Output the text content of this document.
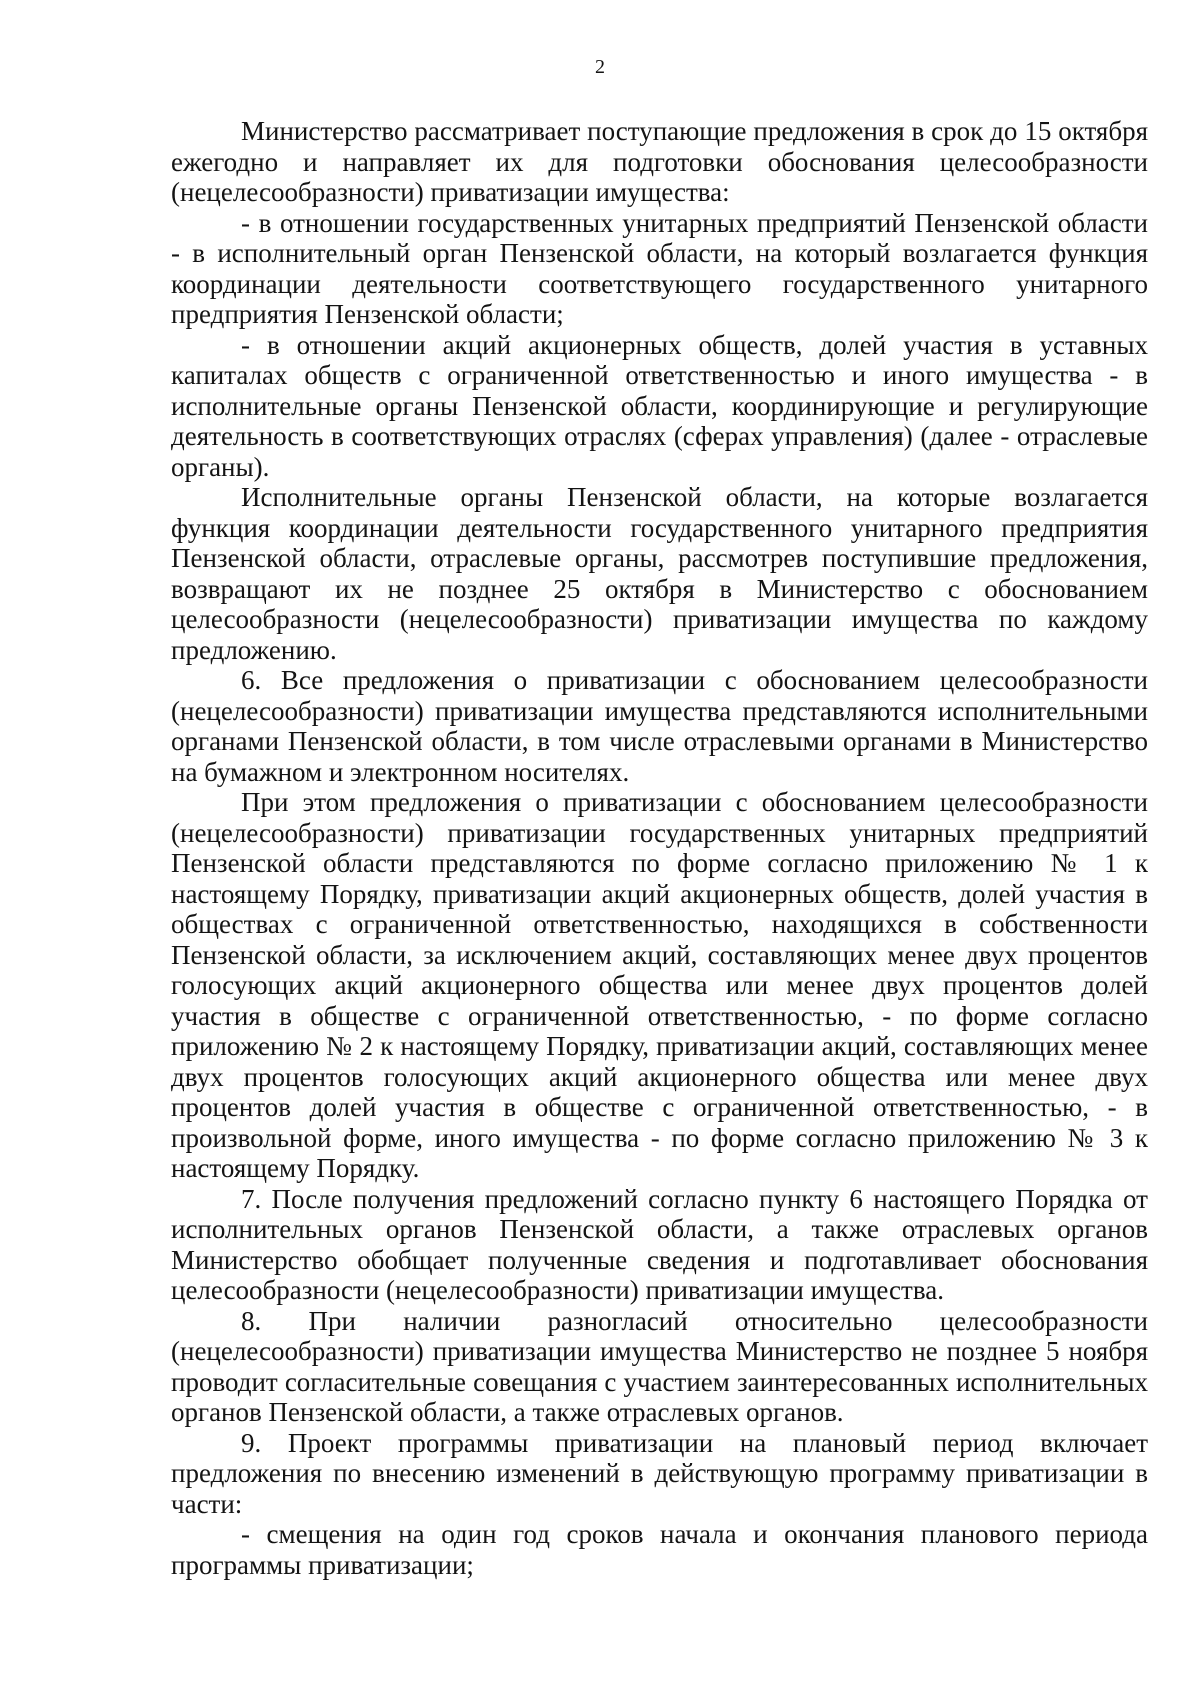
2

Министерство рассматривает поступающие предложения в срок до 15 октября ежегодно и направляет их для подготовки обоснования целесообразности (нецелесообразности) приватизации имущества:

- в отношении государственных унитарных предприятий Пензенской области - в исполнительный орган Пензенской области, на который возлагается функция координации деятельности соответствующего государственного унитарного предприятия Пензенской области;

- в отношении акций акционерных обществ, долей участия в уставных капиталах обществ с ограниченной ответственностью и иного имущества - в исполнительные органы Пензенской области, координирующие и регулирующие деятельность в соответствующих отраслях (сферах управления) (далее - отраслевые органы).

Исполнительные органы Пензенской области, на которые возлагается функция координации деятельности государственного унитарного предприятия Пензенской области, отраслевые органы, рассмотрев поступившие предложения, возвращают их не позднее 25 октября в Министерство с обоснованием целесообразности (нецелесообразности) приватизации имущества по каждому предложению.

6. Все предложения о приватизации с обоснованием целесообразности (нецелесообразности) приватизации имущества представляются исполнительными органами Пензенской области, в том числе отраслевыми органами в Министерство на бумажном и электронном носителях.

При этом предложения о приватизации с обоснованием целесообразности (нецелесообразности) приватизации государственных унитарных предприятий Пензенской области представляются по форме согласно приложению № 1 к настоящему Порядку, приватизации акций акционерных обществ, долей участия в обществах с ограниченной ответственностью, находящихся в собственности Пензенской области, за исключением акций, составляющих менее двух процентов голосующих акций акционерного общества или менее двух процентов долей участия в обществе с ограниченной ответственностью, - по форме согласно приложению № 2 к настоящему Порядку, приватизации акций, составляющих менее двух процентов голосующих акций акционерного общества или менее двух процентов долей участия в обществе с ограниченной ответственностью, - в произвольной форме, иного имущества - по форме согласно приложению № 3 к настоящему Порядку.

7. После получения предложений согласно пункту 6 настоящего Порядка от исполнительных органов Пензенской области, а также отраслевых органов Министерство обобщает полученные сведения и подготавливает обоснования целесообразности (нецелесообразности) приватизации имущества.

8. При наличии разногласий относительно целесообразности (нецелесообразности) приватизации имущества Министерство не позднее 5 ноября проводит согласительные совещания с участием заинтересованных исполнительных органов Пензенской области, а также отраслевых органов.

9. Проект программы приватизации на плановый период включает предложения по внесению изменений в действующую программу приватизации в части:

- смещения на один год сроков начала и окончания планового периода программы приватизации;
